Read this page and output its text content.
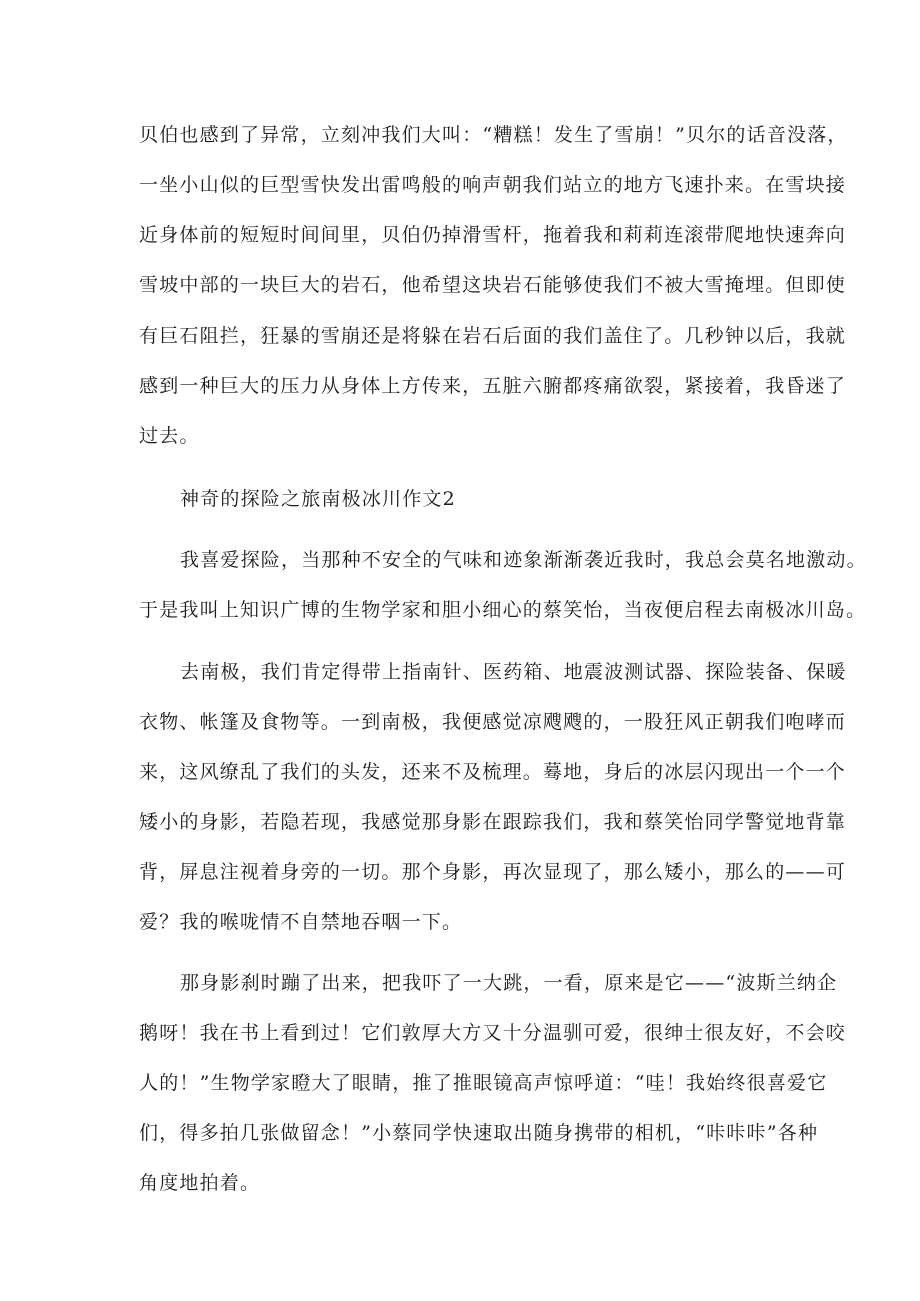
贝伯也感到了异常，立刻冲我们大叫：“糟糕！发生了雪崩！”贝尔的话音没落，
一坐小山似的巨型雪快发出雷鸣般的响声朝我们站立的地方飞速扑来。在雪块接
近身体前的短短时间间里，贝伯仍掉滑雪杆，拖着我和莉莉连滚带爬地快速奔向
雪坡中部的一块巨大的岩石，他希望这块岩石能够使我们不被大雪掩埋。但即使
有巨石阻拦，狂暴的雪崩还是将躲在岩石后面的我们盖住了。几秒钟以后，我就
感到一种巨大的压力从身体上方传来，五脏六腑都疼痛欲裂，紧接着，我昏迷了
过去。
神奇的探险之旅南极冰川作文2
我喜爱探险，当那种不安全的气味和迹象渐渐袭近我时，我总会莫名地激动。
于是我叫上知识广博的生物学家和胆小细心的蔡笑怡，当夜便启程去南极冰川岛。
去南极，我们肯定得带上指南针、医药箱、地震波测试器、探险装备、保暖
衣物、帐篷及食物等。一到南极，我便感觉凉飕飕的，一股狂风正朝我们咆哮而
来，这风缭乱了我们的头发，还来不及梳理。蓦地，身后的冰层闪现出一个一个
矮小的身影，若隐若现，我感觉那身影在跟踪我们，我和蔡笑怡同学警觉地背靠
背，屏息注视着身旁的一切。那个身影，再次显现了，那么矮小，那么的——可
爱？我的喉咙情不自禁地吞咽一下。
那身影刹时蹦了出来，把我吓了一大跳，一看，原来是它——“波斯兰纳企
鹅呀！我在书上看到过！它们敦厚大方又十分温驯可爱，很绅士很友好，不会咬
人的！”生物学家瞪大了眼睛，推了推眼镜高声惊呼道：“哇！我始终很喜爱它
们，得多拍几张做留念！”小蔡同学快速取出随身携带的相机，“咔咔咔”各种
角度地拍着。
